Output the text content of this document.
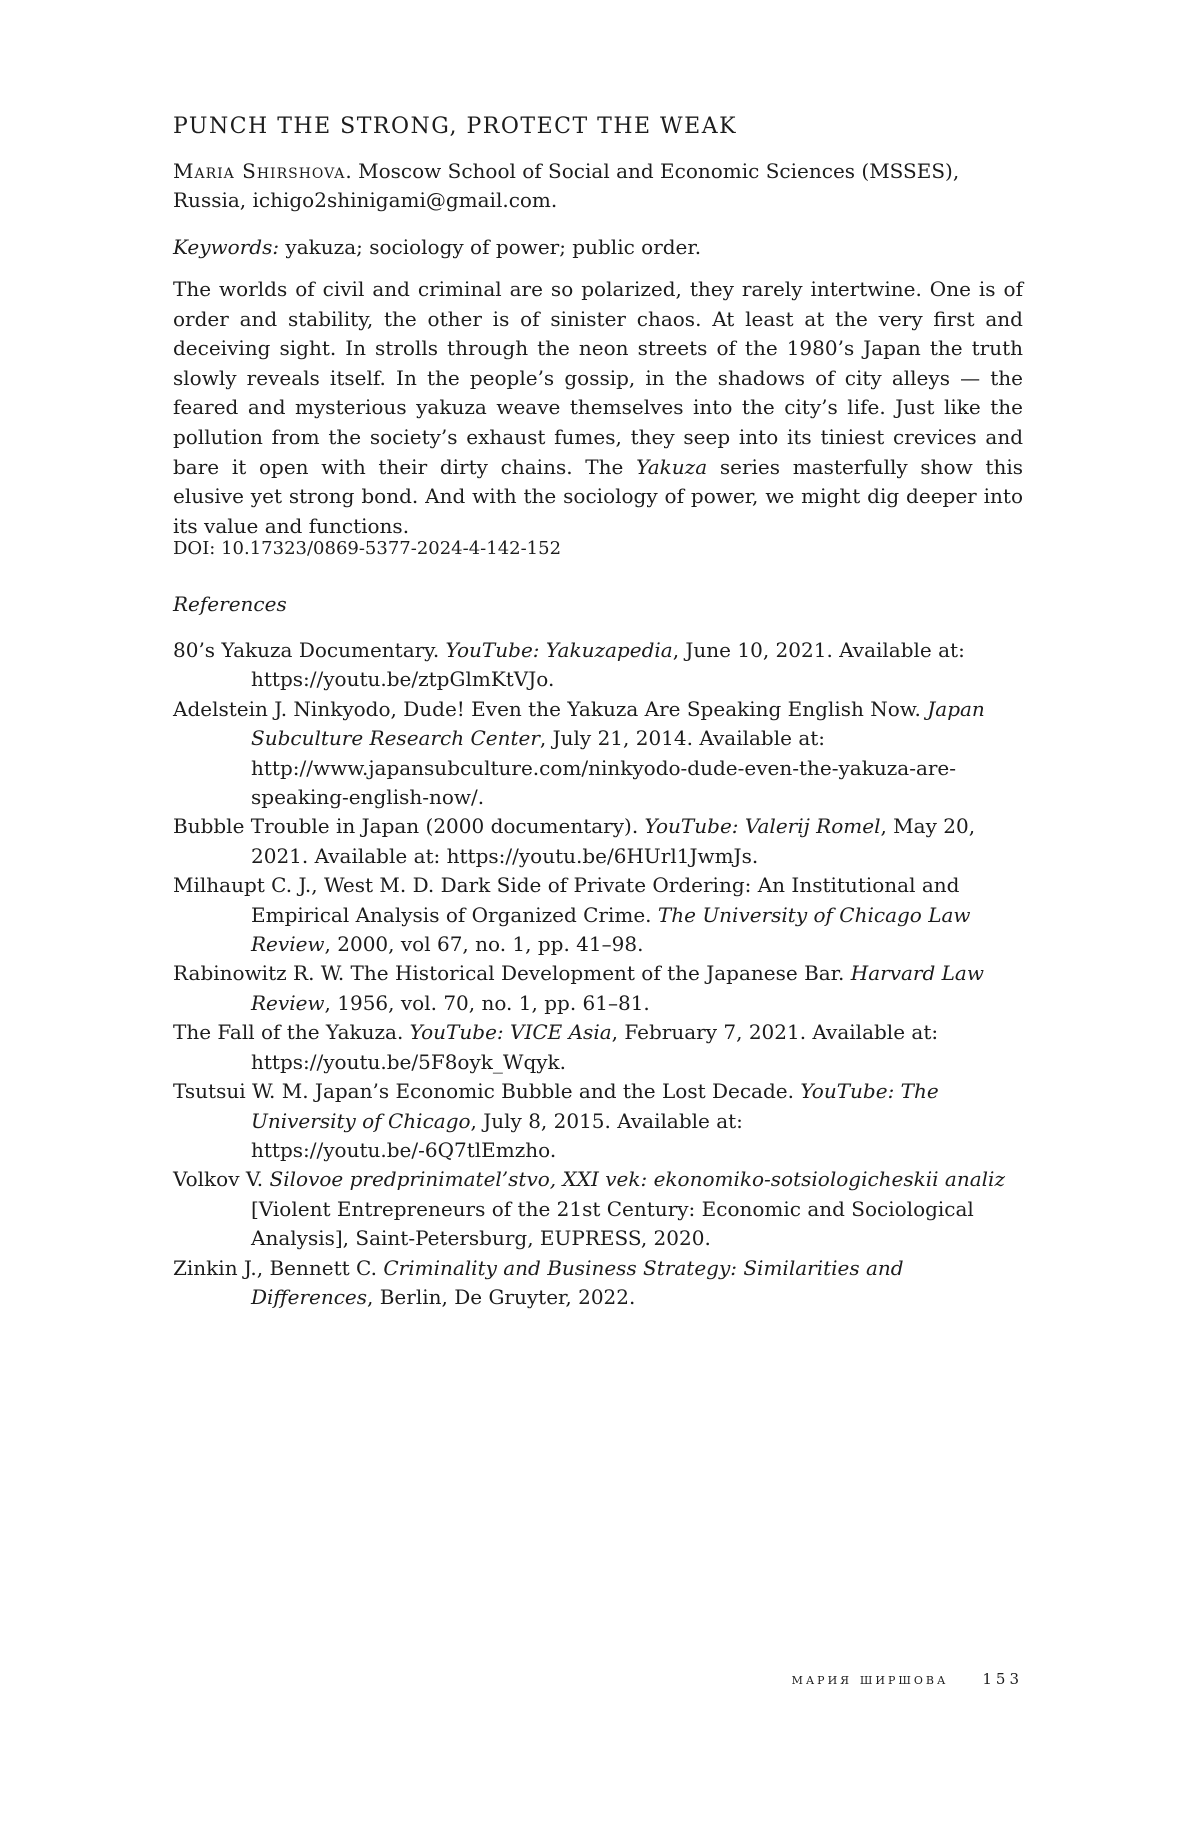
PUNCH THE STRONG, PROTECT THE WEAK

Maria Shirshova. Moscow School of Social and Economic Sciences (MSSES), Russia, ichigo2shinigami@gmail.com.

Keywords: yakuza; sociology of power; public order.

The worlds of civil and criminal are so polarized, they rarely intertwine. One is of order and stability, the other is of sinister chaos. At least at the very first and deceiving sight. In strolls through the neon streets of the 1980’s Japan the truth slowly reveals itself. In the people’s gossip, in the shadows of city alleys — the feared and mysterious yakuza weave themselves into the city’s life. Just like the pollution from the society’s exhaust fumes, they seep into its tiniest crevices and bare it open with their dirty chains. The Yakuza series masterfully show this elusive yet strong bond. And with the sociology of power, we might dig deeper into its value and functions.

DOI: 10.17323/0869-5377-2024-4-142-152

References
80’s Yakuza Documentary. YouTube: Yakuzapedia, June 10, 2021. Available at: https://youtu.be/ztpGlmKtVJo.
Adelstein J. Ninkyodo, Dude! Even the Yakuza Are Speaking English Now. Japan Subculture Research Center, July 21, 2014. Available at: http://www.japansubculture.com/ninkyodo-dude-even-the-yakuza-are-speaking-english-now/.
Bubble Trouble in Japan (2000 documentary). YouTube: Valerij Romel, May 20, 2021. Available at: https://youtu.be/6HUrl1JwmJs.
Milhaupt C. J., West M. D. Dark Side of Private Ordering: An Institutional and Empirical Analysis of Organized Crime. The University of Chicago Law Review, 2000, vol 67, no. 1, pp. 41–98.
Rabinowitz R. W. The Historical Development of the Japanese Bar. Harvard Law Review, 1956, vol. 70, no. 1, pp. 61–81.
The Fall of the Yakuza. YouTube: VICE Asia, February 7, 2021. Available at: https://youtu.be/5F8oyk_Wqyk.
Tsutsui W. M. Japan’s Economic Bubble and the Lost Decade. YouTube: The University of Chicago, July 8, 2015. Available at: https://youtu.be/-6Q7tlEmzho.
Volkov V. Silovoe predprinimatel’stvo, XXI vek: ekonomiko-sotsiologicheskii analiz [Violent Entrepreneurs of the 21st Century: Economic and Sociological Analysis], Saint-Petersburg, EUPRESS, 2020.
Zinkin J., Bennett C. Criminality and Business Strategy: Similarities and Differences, Berlin, De Gruyter, 2022.
мария ширшова 153
